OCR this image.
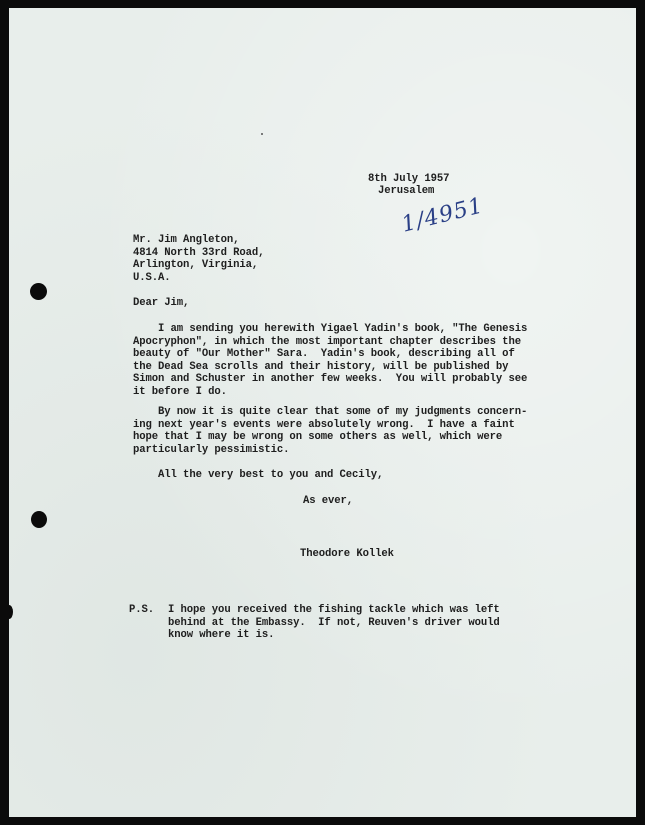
8th July 1957
Jerusalem
1/4951
Mr. Jim Angleton,
4814 North 33rd Road,
Arlington, Virginia,
U.S.A.
Dear Jim,
I am sending you herewith Yigael Yadin's book, "The Genesis
Apocryphon", in which the most important chapter describes the
beauty of "Our Mother" Sara.  Yadin's book, describing all of
the Dead Sea scrolls and their history, will be published by
Simon and Schuster in another few weeks.  You will probably see
it before I do.
By now it is quite clear that some of my judgments concern-
ing next year's events were absolutely wrong.  I have a faint
hope that I may be wrong on some others as well, which were
particularly pessimistic.
All the very best to you and Cecily,
As ever,
Theodore Kollek
P.S. I hope you received the fishing tackle which was left
behind at the Embassy.  If not, Reuven's driver would
know where it is.
